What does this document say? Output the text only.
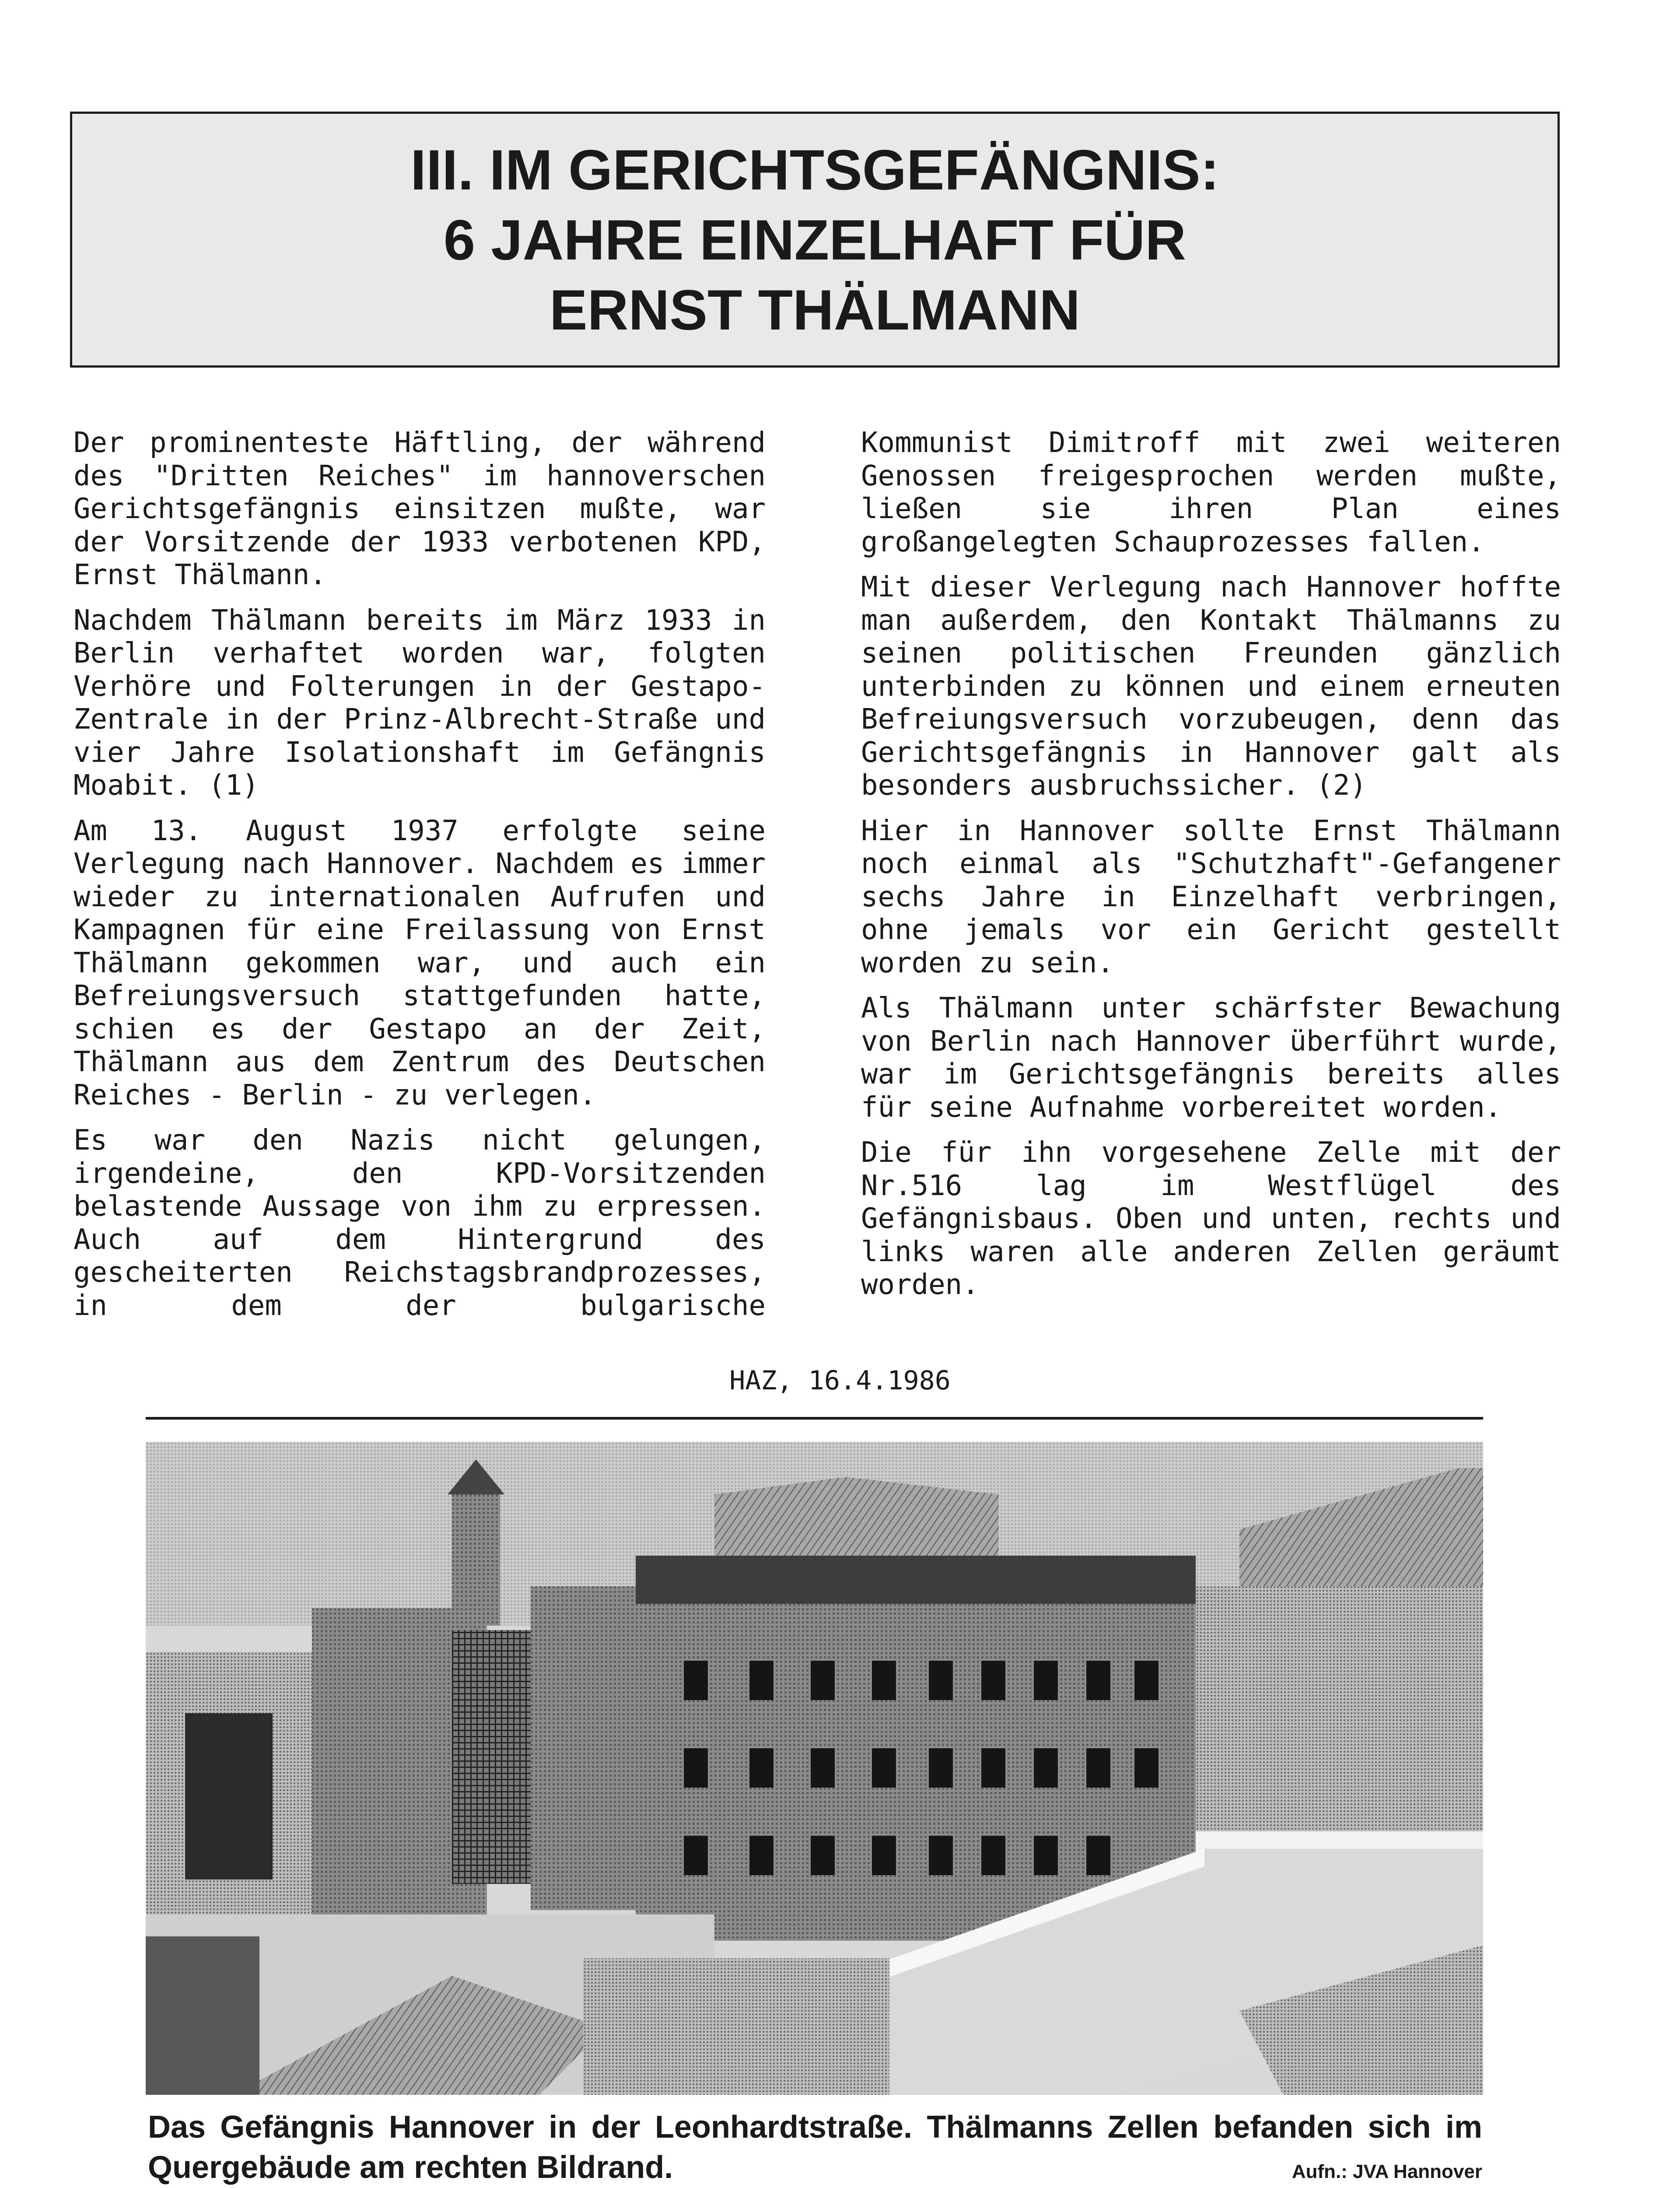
III. IM GERICHTSGEFÄNGNIS:
6 JAHRE EINZELHAFT FÜR
ERNST THÄLMANN

Der prominenteste Häftling, der während des "Dritten Reiches" im hannoverschen Gerichtsgefängnis einsitzen mußte, war der Vorsitzende der 1933 verbotenen KPD, Ernst Thälmann.

Nachdem Thälmann bereits im März 1933 in Berlin verhaftet worden war, folgten Verhöre und Folterungen in der Gestapo-Zentrale in der Prinz-Albrecht-Straße und vier Jahre Isolationshaft im Gefängnis Moabit. (1)

Am 13. August 1937 erfolgte seine Verlegung nach Hannover. Nachdem es immer wieder zu internationalen Aufrufen und Kampagnen für eine Freilassung von Ernst Thälmann gekommen war, und auch ein Befreiungsversuch stattgefunden hatte, schien es der Gestapo an der Zeit, Thälmann aus dem Zentrum des Deutschen Reiches - Berlin - zu verlegen.

Es war den Nazis nicht gelungen, irgendeine, den KPD-Vorsitzenden belastende Aussage von ihm zu erpressen. Auch auf dem Hintergrund des gescheiterten Reichstagsbrandprozesses, in dem der bulgarische

Kommunist Dimitroff mit zwei weiteren Genossen freigesprochen werden mußte, ließen sie ihren Plan eines großangelegten Schauprozesses fallen.

Mit dieser Verlegung nach Hannover hoffte man außerdem, den Kontakt Thälmanns zu seinen politischen Freunden gänzlich unterbinden zu können und einem erneuten Befreiungsversuch vorzubeugen, denn das Gerichtsgefängnis in Hannover galt als besonders ausbruchssicher. (2)

Hier in Hannover sollte Ernst Thälmann noch einmal als "Schutzhaft"-Gefangener sechs Jahre in Einzelhaft verbringen, ohne jemals vor ein Gericht gestellt worden zu sein.

Als Thälmann unter schärfster Bewachung von Berlin nach Hannover überführt wurde, war im Gerichtsgefängnis bereits alles für seine Aufnahme vorbereitet worden.

Die für ihn vorgesehene Zelle mit der Nr.516 lag im Westflügel des Gefängnisbaus. Oben und unten, rechts und links waren alle anderen Zellen geräumt worden.

HAZ, 16.4.1986
Das Gefängnis Hannover in der Leonhardtstraße. Thälmanns Zellen befanden sich im
Quergebäude am rechten Bildrand.	Aufn.: JVA Hannover
